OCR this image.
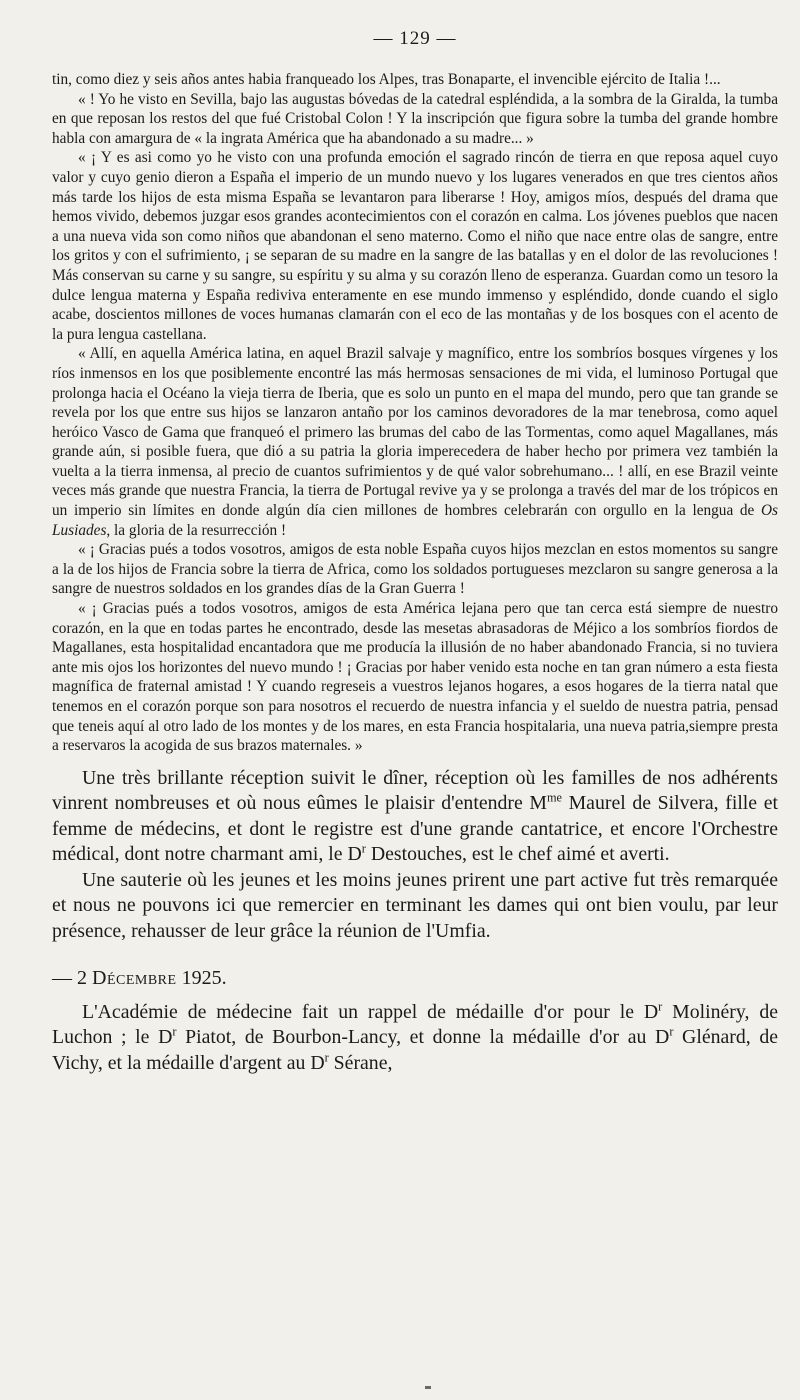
— 129 —

tin, como diez y seis años antes habia franqueado los Alpes, tras Bonaparte, el invencible ejército de Italia !...

« ! Yo he visto en Sevilla, bajo las augustas bóvedas de la catedral espléndida, a la sombra de la Giralda, la tumba en que reposan los restos del que fué Cristobal Colon ! Y la inscripción que figura sobre la tumba del grande hombre habla con amargura de « la ingrata América que ha abandonado a su madre... »

« ¡ Y es asi como yo he visto con una profunda emoción el sagrado rincón de tierra en que reposa aquel cuyo valor y cuyo genio dieron a España el imperio de un mundo nuevo y los lugares venerados en que tres cientos años más tarde los hijos de esta misma España se levantaron para liberarse ! Hoy, amigos míos, después del drama que hemos vivido, debemos juzgar esos grandes acontecimientos con el corazón en calma. Los jóvenes pueblos que nacen a una nueva vida son como niños que abandonan el seno materno. Como el niño que nace entre olas de sangre, entre los gritos y con el sufrimiento, ¡ se separan de su madre en la sangre de las batallas y en el dolor de las revoluciones ! Más conservan su carne y su sangre, su espíritu y su alma y su corazón lleno de esperanza. Guardan como un tesoro la dulce lengua materna y España rediviva enteramente en ese mundo immenso y espléndido, donde cuando el siglo acabe, doscientos millones de voces humanas clamarán con el eco de las montañas y de los bosques con el acento de la pura lengua castellana.

« Allí, en aquella América latina, en aquel Brazil salvaje y magnífico, entre los sombríos bosques vírgenes y los ríos inmensos en los que posiblemente encontré las más hermosas sensaciones de mi vida, el luminoso Portugal que prolonga hacia el Océano la vieja tierra de Iberia, que es solo un punto en el mapa del mundo, pero que tan grande se revela por los que entre sus hijos se lanzaron antaño por los caminos devoradores de la mar tenebrosa, como aquel heróico Vasco de Gama que franqueó el primero las brumas del cabo de las Tormentas, como aquel Magallanes, más grande aún, si posible fuera, que dió a su patria la gloria imperecedera de haber hecho por primera vez también la vuelta a la tierra inmensa, al precio de cuantos sufrimientos y de qué valor sobrehumano... ! allí, en ese Brazil veinte veces más grande que nuestra Francia, la tierra de Portugal revive ya y se prolonga a través del mar de los trópicos en un imperio sin límites en donde algún día cien millones de hombres celebrarán con orgullo en la lengua de Os Lusiades, la gloria de la resurrección !

« ¡ Gracias pués a todos vosotros, amigos de esta noble España cuyos hijos mezclan en estos momentos su sangre a la de los hijos de Francia sobre la tierra de Africa, como los soldados portugueses mezclaron su sangre generosa a la sangre de nuestros soldados en los grandes días de la Gran Guerra !

« ¡ Gracias pués a todos vosotros, amigos de esta América lejana pero que tan cerca está siempre de nuestro corazón, en la que en todas partes he encontrado, desde las mesetas abrasadoras de Méjico a los sombríos fiordos de Magallanes, esta hospitalidad encantadora que me producía la illusión de no haber abandonado Francia, si no tuviera ante mis ojos los horizontes del nuevo mundo ! ¡ Gracias por haber venido esta noche en tan gran número a esta fiesta magnífica de fraternal amistad ! Y cuando regreseis a vuestros lejanos hogares, a esos hogares de la tierra natal que tenemos en el corazón porque son para nosotros el recuerdo de nuestra infancia y el sueldo de nuestra patria, pensad que teneis aquí al otro lado de los montes y de los mares, en esta Francia hospitalaria, una nueva patria,siempre presta a reservaros la acogida de sus brazos maternales. »

Une très brillante réception suivit le dîner, réception où les familles de nos adhérents vinrent nombreuses et où nous eûmes le plaisir d'entendre $M^{me}$ Maurel de Silvera, fille et femme de médecins, et dont le registre est d'une grande cantatrice, et encore l'Orchestre médical, dont notre charmant ami, le $D^r$ Destouches, est le chef aimé et averti.

Une sauterie où les jeunes et les moins jeunes prirent une part active fut très remarquée et nous ne pouvons ici que remercier en terminant les dames qui ont bien voulu, par leur présence, rehausser de leur grâce la réunion de l'Umfia.

— 2 Décembre 1925.

L'Académie de médecine fait un rappel de médaille d'or pour le $D^r$ Molinéry, de Luchon ; le $D^r$ Piatot, de Bourbon-Lancy, et donne la médaille d'or au $D^r$ Glénard, de Vichy, et la médaille d'argent au $D^r$ Sérane,
